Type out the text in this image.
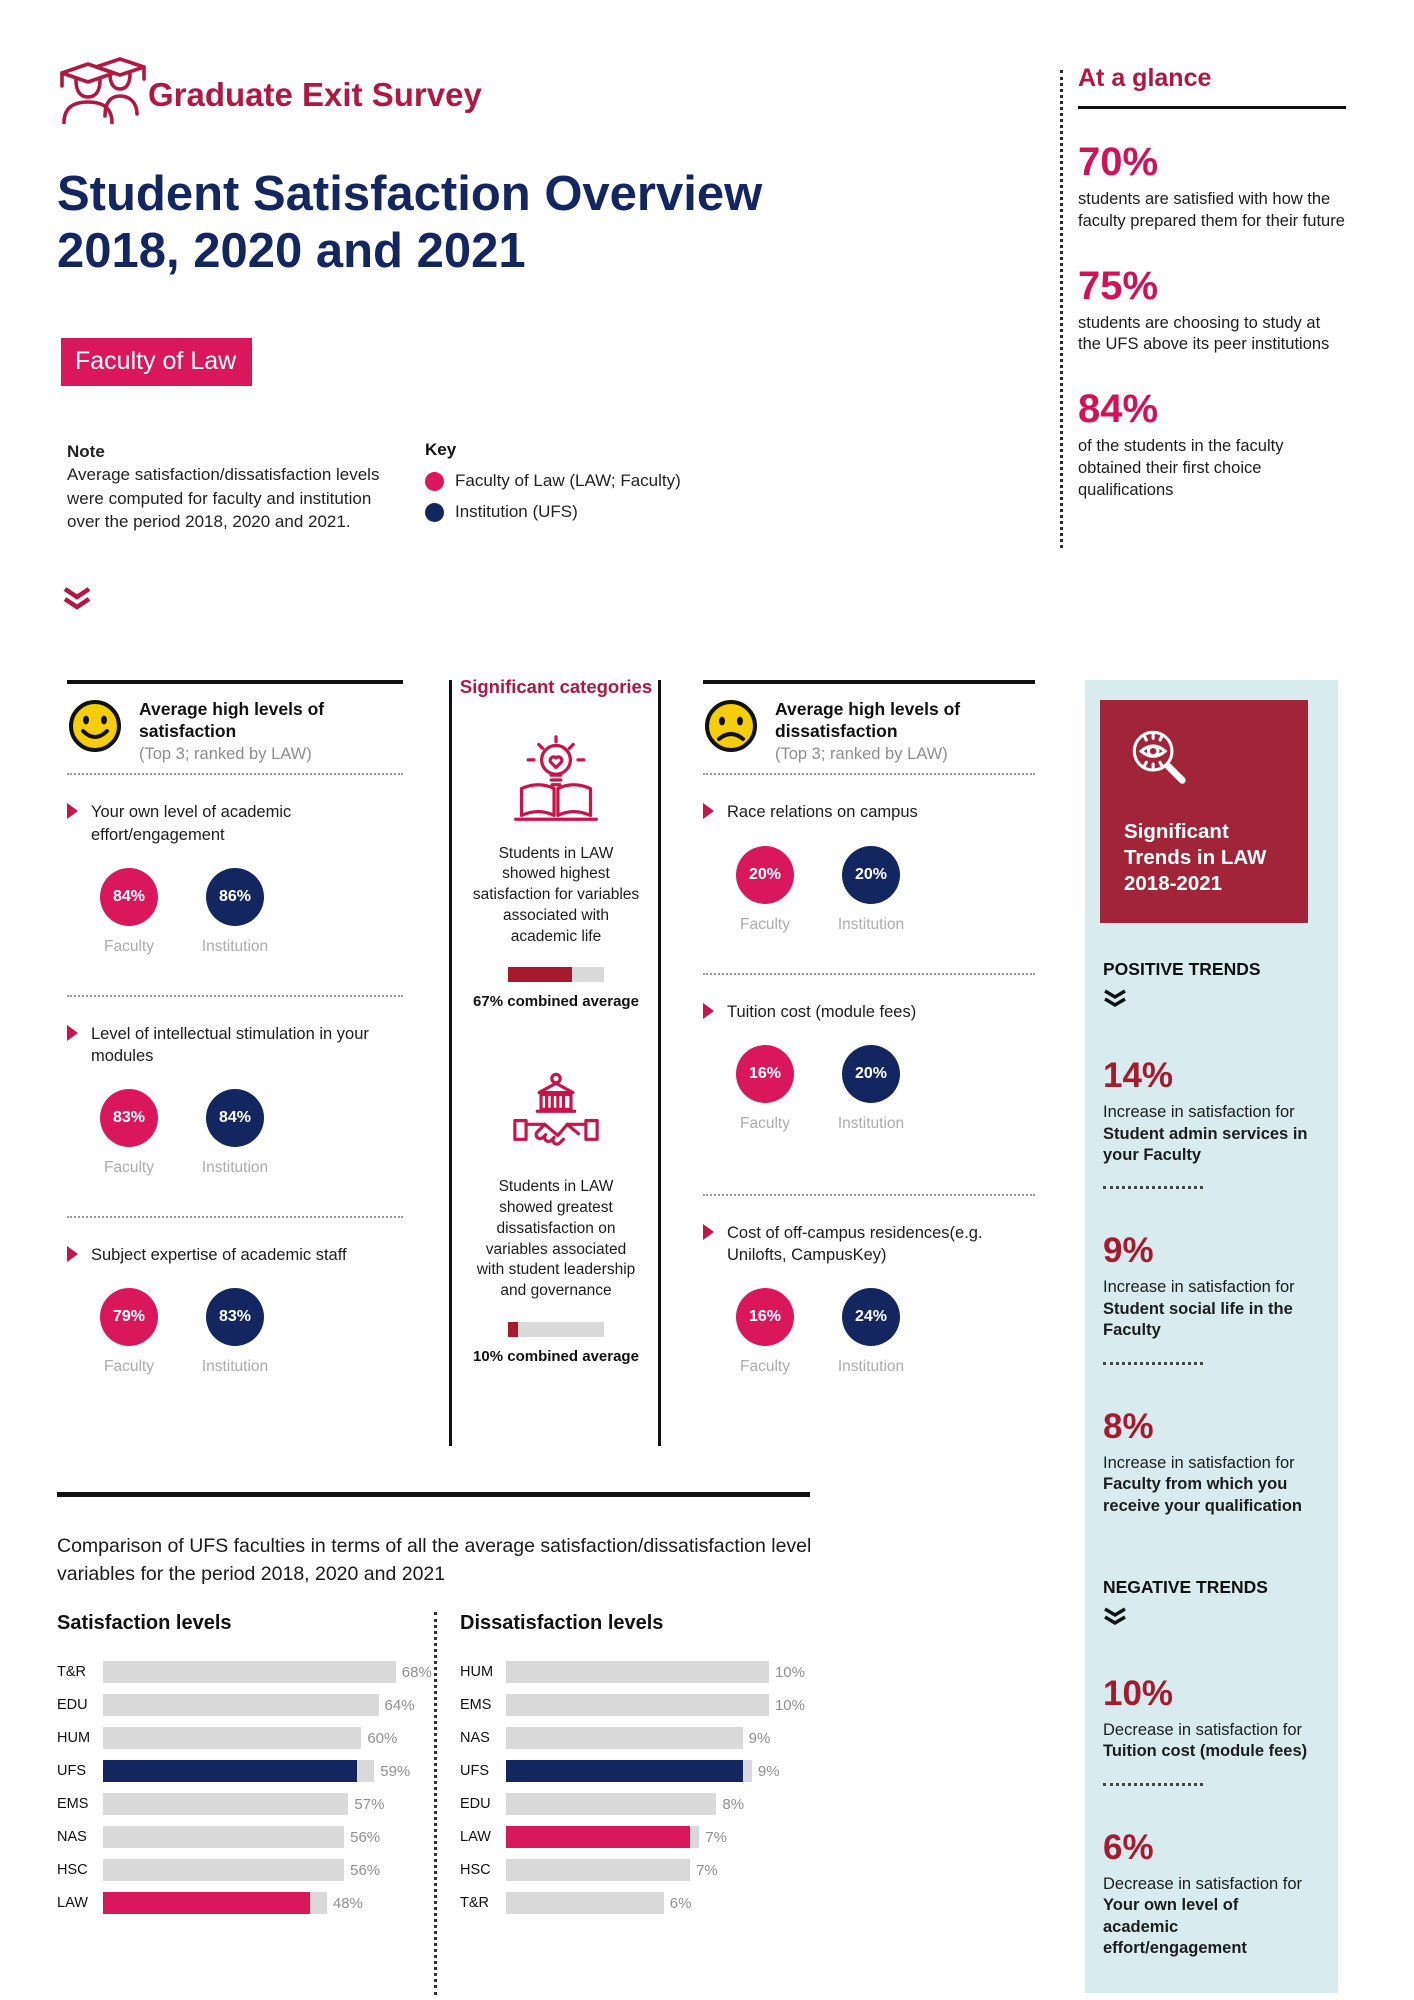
Graduate Exit Survey
Student Satisfaction Overview 2018, 2020 and 2021
Faculty of Law

Note

Average satisfaction/dissatisfaction levels were computed for faculty and institution over the period 2018, 2020 and 2021.

Key

Faculty of Law (LAW; Faculty)
Institution (UFS)
At a glance
70%
students are satisfied with how the faculty prepared them for their future
75%
students are choosing to study at the UFS above its peer institutions
84%
of the students in the faculty obtained their first choice qualifications
Average high levels of satisfaction
(Top 3; ranked by LAW)
Your own level of academic effort/engagement
84%
Faculty
86%
Institution
Level of intellectual stimulation in your modules
83%
Faculty
84%
Institution
Subject expertise of academic staff
79%
Faculty
83%
Institution
Significant categories
Students in LAW showed highest satisfaction for variables associated with academic life
67% combined average
Students in LAW showed greatest dissatisfaction on variables associated with student leadership and governance
10% combined average
Average high levels of dissatisfaction
(Top 3; ranked by LAW)
Race relations on campus
20%
Faculty
20%
Institution
Tuition cost (module fees)
16%
Faculty
20%
Institution
Cost of off-campus residences(e.g. Unilofts, CampusKey)
16%
Faculty
24%
Institution
Significant Trends in LAW 2018-2021
POSITIVE TRENDS
14%
Increase in satisfaction for Student admin services in your Faculty
9%
Increase in satisfaction for Student social life in the Faculty
8%
Increase in satisfaction for Faculty from which you receive your qualification
NEGATIVE TRENDS
10%
Decrease in satisfaction for Tuition cost (module fees)
6%
Decrease in satisfaction for Your own level of academic effort/engagement
Comparison of UFS faculties in terms of all the average satisfaction/dissatisfaction level variables for the period 2018, 2020 and 2021
Satisfaction levels
T&R	68%
EDU	64%
HUM	60%
UFS	59%
EMS	57%
NAS	56%
HSC	56%
LAW	48%
Dissatisfaction levels
HUM	10%
EMS	10%
NAS	9%
UFS	9%
EDU	8%
LAW	7%
HSC	7%
T&R	6%
